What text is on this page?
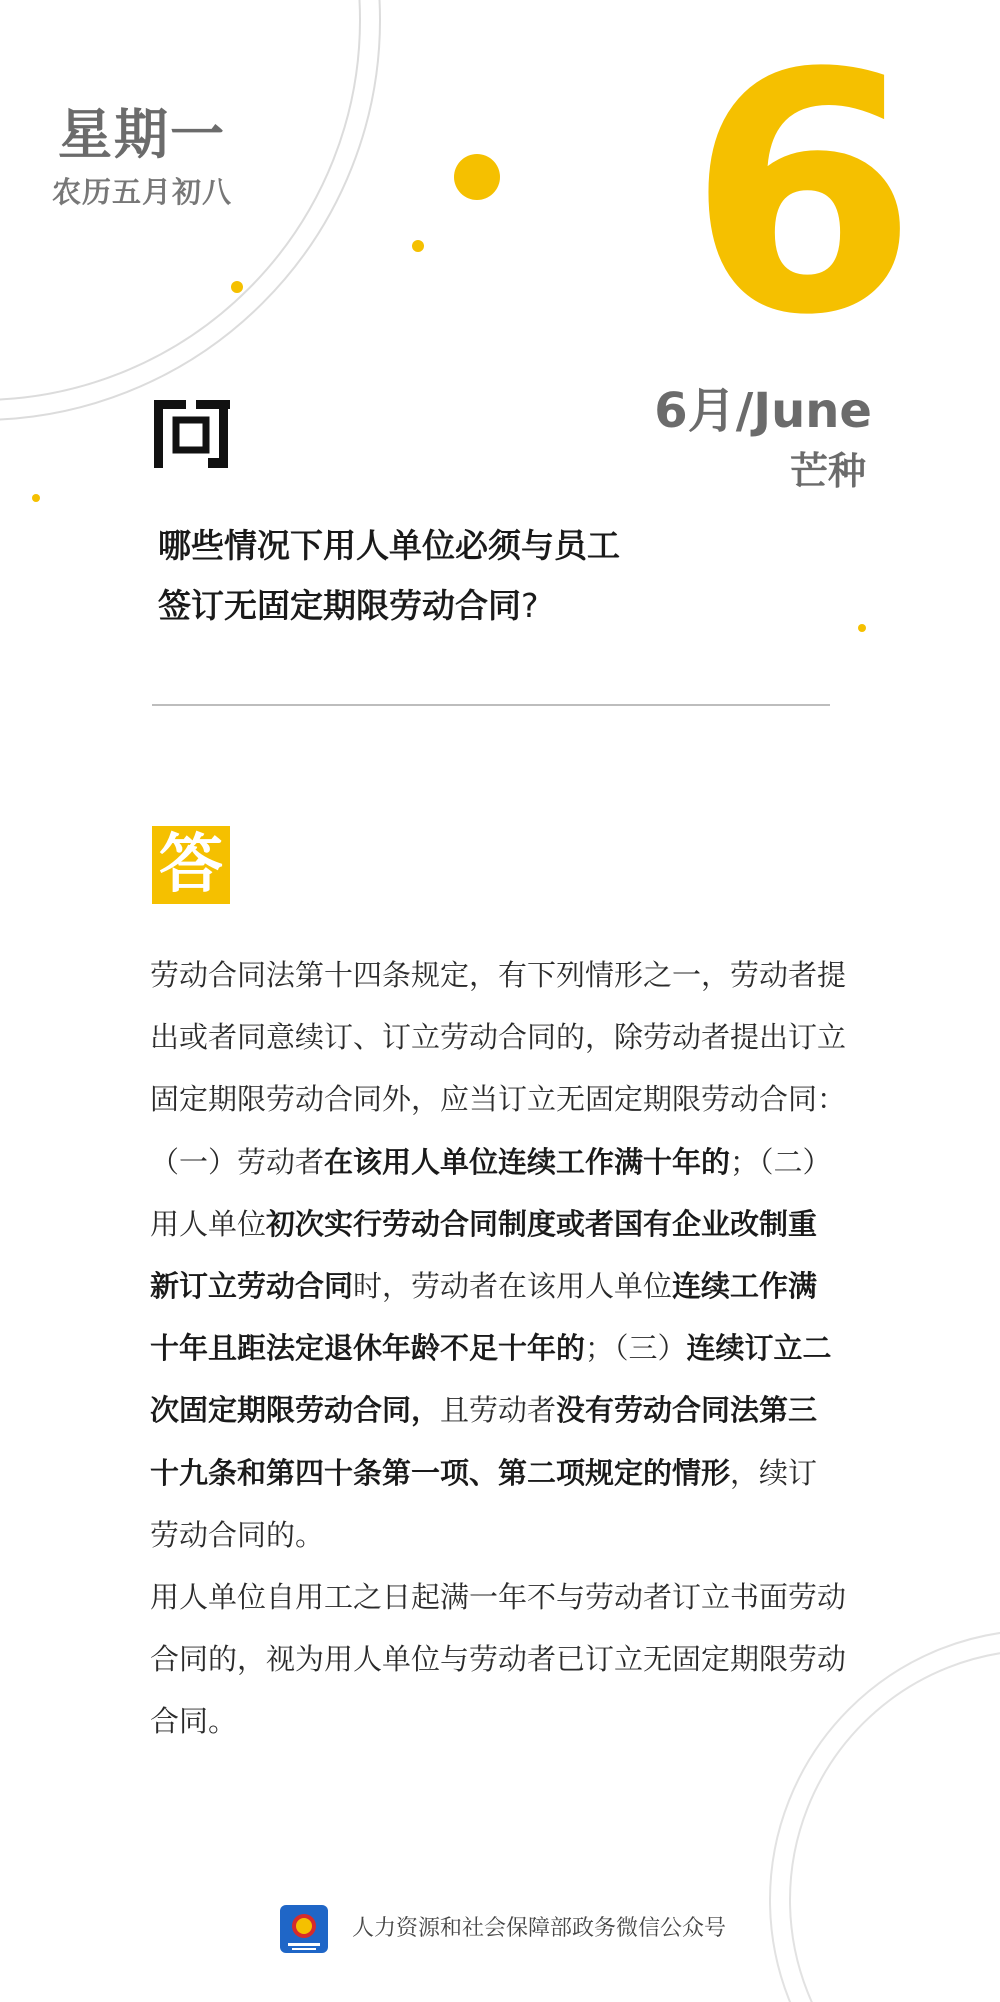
星期一
农历五月初八 6
6月/June
芒种
哪些情况下用人单位必须与员工
签订无固定期限劳动合同?
答

劳动合同法第十四条规定，有下列情形之一，劳动者提出或者同意续订、订立劳动合同的，除劳动者提出订立固定期限劳动合同外，应当订立无固定期限劳动合同：（一）劳动者在该用人单位连续工作满十年的；（二）用人单位初次实行劳动合同制度或者国有企业改制重新订立劳动合同时，劳动者在该用人单位连续工作满十年且距法定退休年龄不足十年的；（三）连续订立二次固定期限劳动合同，且劳动者没有劳动合同法第三十九条和第四十条第一项、第二项规定的情形，续订劳动合同的。

用人单位自用工之日起满一年不与劳动者订立书面劳动合同的，视为用人单位与劳动者已订立无固定期限劳动合同。

人力资源和社会保障部政务微信公众号
